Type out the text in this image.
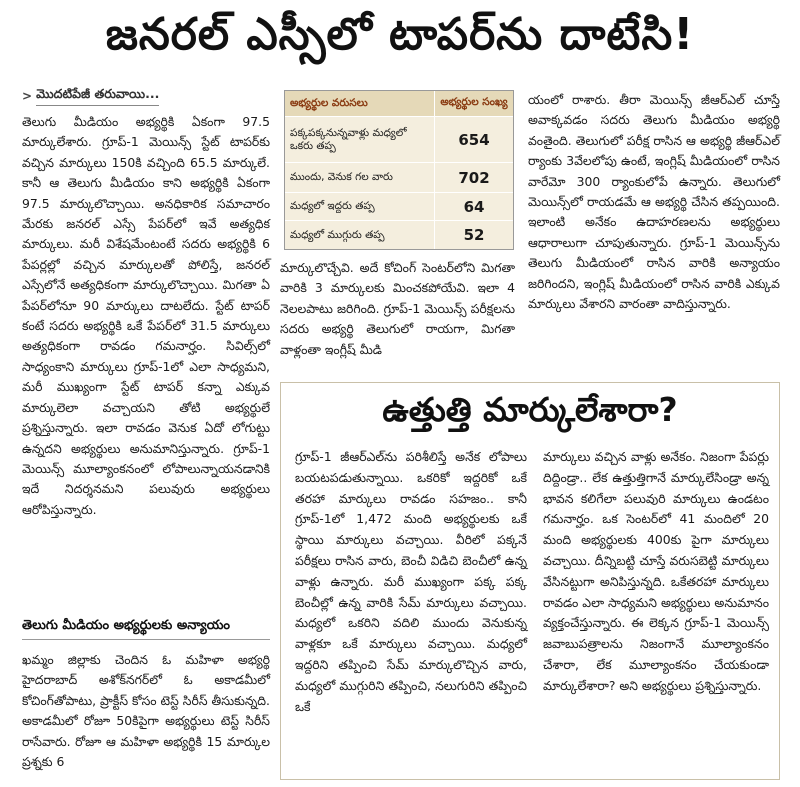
జనరల్ ఎస్సీలో టాపర్‌ను దాటేసి!
> మొదటిపేజీ తరువాయి...
తెలుగు మీడియం అభ్యర్థికి ఏకంగా 97.5 మార్కులేశారు. గ్రూప్‌-1 మెయిన్స్‌ స్టేట్‌ టాపర్‌కు వచ్చిన మార్కులు 150కి వచ్చింది 65.5 మార్కులే. కానీ ఆ తెలుగు మీడియం కాని అభ్యర్థికి ఏకంగా 97.5 మార్కులొచ్చాయి. అనధికారిక సమాచారం మేరకు జనరల్‌ ఎస్సే పేపర్‌లో ఇవే అత్యధిక మార్కులు. మరీ విశేషమేంటంటే సదరు అభ్యర్థికి 6 పేపర్లల్లో వచ్చిన మార్కులతో పోలిస్తే, జనరల్‌ ఎస్సేలోనే అత్యధికంగా మార్కులొచ్చాయి. మిగతా ఏ పేపర్‌లోనూ 90 మార్కులు దాటలేదు. స్టేట్‌ టాపర్‌ కంటే సదరు అభ్యర్థికి ఒకే పేపర్‌లో 31.5 మార్కులు అత్యధికంగా రావడం గమనార్హం. సివిల్స్‌లో సాధ్యంకాని మార్కులు గ్రూప్‌-1లో ఎలా సాధ్యమని, మరీ ముఖ్యంగా స్టేట్‌ టాపర్‌ కన్నా ఎక్కువ మార్కులెలా వచ్చాయని తోటి అభ్యర్థులే ప్రశ్నిస్తున్నారు. ఇలా రావడం వెనుక ఏదో లోగుట్టు ఉన్నదని అభ్యర్థులు అనుమానిస్తున్నారు. గ్రూప్‌-1 మెయిన్స్‌ మూల్యాంకనంలో లోపాలున్నాయనడానికి ఇదే నిదర్శనమని పలువురు అభ్యర్థులు ఆరోపిస్తున్నారు.
తెలుగు మీడియం అభ్యర్థులకు అన్యాయం
ఖమ్మం జిల్లాకు చెందిన ఓ మహిళా అభ్యర్థి హైదరాబాద్‌ అశోక్‌నగర్‌లో ఓ అకాడమీలో కోచింగ్‌తోపాటు, ప్రాక్టీస్‌ కోసం టెస్ట్‌ సిరీస్‌ తీసుకున్నది. అకాడమీలో రోజూ 50కిపైగా అభ్యర్థులు టెస్ట్‌ సిరీస్‌ రాసేవారు. రోజూ ఆ మహిళా అభ్యర్థికి 15 మార్కుల ప్రశ్నకు 6
అభ్యర్థుల వరుసలు	అభ్యర్థుల సంఖ్య
పక్కపక్కనున్నవాళ్లు మధ్యలో ఒకరు తప్ప	654
ముందు, వెనుక గల వారు	702
మధ్యలో ఇద్దరు తప్ప	64
మధ్యలో ముగ్గురు తప్ప	52
మార్కులొచ్చేవి. అదే కోచింగ్‌ సెంటర్‌లోని మిగతా వారికి 3 మార్కులకు మించకపోయేవి. ఇలా 4 నెలలపాటు జరిగింది. గ్రూప్‌-1 మెయిన్స్‌ పరీక్షలను సదరు అభ్యర్థి తెలుగులో రాయగా, మిగతా వాళ్లంతా ఇంగ్లీష్‌ మీడి
యంలో రాశారు. తీరా మెయిన్స్‌ జీఆర్‌ఎల్‌ చూస్తే అవాక్కవడం సదరు తెలుగు మీడియం అభ్యర్థి వంతైంది. తెలుగులో పరీక్ష రాసిన ఆ అభ్యర్థి జీఆర్‌ఎల్‌ ర్యాంకు 3వేలలోపు ఉంటే, ఇంగ్లిష్‌ మీడియంలో రాసిన వారేమో 300 ర్యాంకులోపే ఉన్నారు. తెలుగులో మెయిన్స్‌లో రాయడమే ఆ అభ్యర్థి చేసిన తప్పయింది. ఇలాంటి అనేకం ఉదాహరణలను అభ్యర్థులు ఆధారాలుగా చూపుతున్నారు. గ్రూప్‌-1 మెయిన్స్‌ను తెలుగు మీడియంలో రాసిన వారికి అన్యాయం జరిగిందని, ఇంగ్లిష్‌ మీడియంలో రాసిన వారికి ఎక్కువ మార్కులు వేశారని వారంతా వాదిస్తున్నారు.
ఉత్తుత్తి మార్కులేశారా?
గ్రూప్‌-1 జీఆర్‌ఎల్‌ను పరిశీలిస్తే అనేక లోపాలు బయటపడుతున్నాయి. ఒకరికో ఇద్దరికో ఒకే తరహా మార్కులు రావడం సహజం.. కానీ గ్రూప్‌-1లో 1,472 మంది అభ్యర్థులకు ఒకే స్థాయి మార్కులు వచ్చాయి. వీరిలో పక్కనే పరీక్షలు రాసిన వారు, బెంచీ విడిచి బెంచీలో ఉన్న వాళ్లు ఉన్నారు. మరీ ముఖ్యంగా పక్క పక్క బెంచీల్లో ఉన్న వారికి సేమ్‌ మార్కులు వచ్చాయి. మధ్యలో ఒకరిని వదిలి ముందు వెనుకున్న వాళ్లకూ ఒకే మార్కులు వచ్చాయి. మధ్యలో ఇద్దరిని తప్పించి సేమ్‌ మార్కులొచ్చిన వారు, మధ్యలో ముగ్గురిని తప్పించి, నలుగురిని తప్పించి ఒకే
మార్కులు వచ్చిన వాళ్లు అనేకం. నిజంగా పేపర్లు దిద్దిండ్రా.. లేక ఉత్తుత్తిగానే మార్కులేసిండ్రా అన్న భావన కలిగేలా పలువురి మార్కులు ఉండటం గమనార్హం. ఒక సెంటర్‌లో 41 మందిలో 20 మంది అభ్యర్థులకు 400కు పైగా మార్కులు వచ్చాయి. దీన్నిబట్టి చూస్తే వరుసబెట్టి మార్కులు వేసినట్టుగా అనిపిస్తున్నది. ఒకేతరహా మార్కులు రావడం ఎలా సాధ్యమని అభ్యర్థులు అనుమానం వ్యక్తంచేస్తున్నారు. ఈ లెక్కన గ్రూప్‌-1 మెయిన్స్‌ జవాబుపత్రాలను నిజంగానే మూల్యాంకనం చేశారా, లేక మూల్యాంకనం చేయకుండా మార్కులేశారా? అని అభ్యర్థులు ప్రశ్నిస్తున్నారు.
